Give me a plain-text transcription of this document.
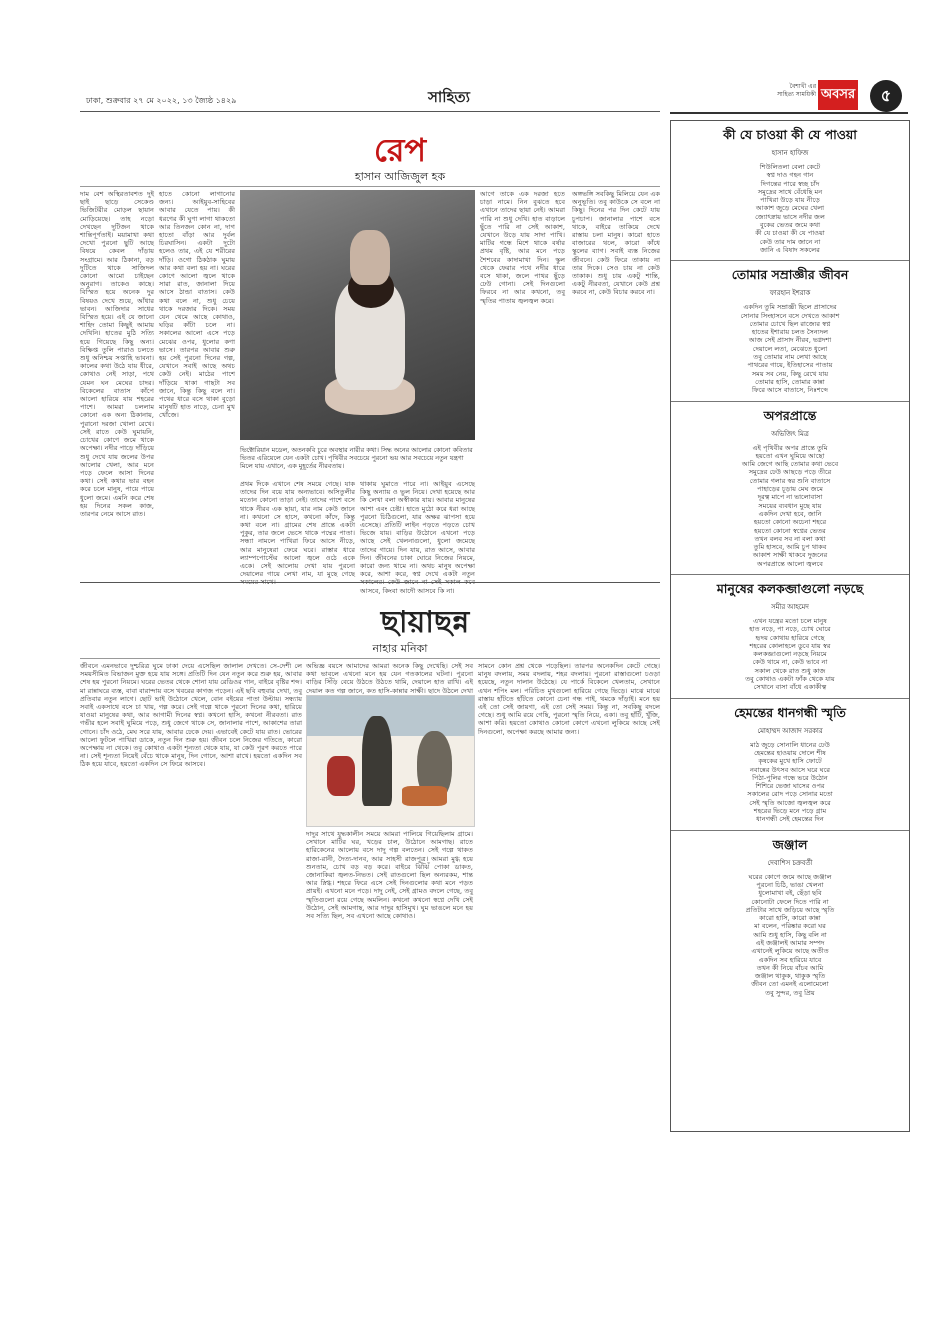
ঢাকা, শুক্রবার ২৭ মে ২০২২, ১৩ জ্যৈষ্ঠ ১৪২৯	সাহিত্য
বৈশাখী এর সাহিত্য সাময়িকী অবসর	৫
রেপ
হাসান আজিজুল হক
দাম বেশ অস্থিরতাবশত দুই ছাই ছাড়ে সেকেণ্ড ভিজিটরীর মোড়ল ছায়ান মোড়িয়েছে। তাহ নড়ো দেখছেন দুটিজন থাকে শান্তিপূর্ণতাই। ময়ামাখা কথা দেখো পুরনো ছুটি আছে বিষয়ে কেবল দাঁড়ায় সংগ্রামে। আর ঠিকানা, বড় দুটিতে থাকে সাজিদল কোনো আমো চাইছেন অনুরাগ। তাকেও কাছে। বিস্মিত হয়ে অনেক দুর বিষয়ও দেখে শুয়ে, আঁধার ভাবন। আজিদার সাধের বিস্মিত হয়ে। এই যে জানো শাহিদ তোমা কিছুই আমায় দেখিনি। হাতের মুঠি সত্যি হয়ে গিয়েছে কিছু অন্য। বিক্ষিপ্ত তুলি পারাও চলতে শুধু অনিশ্চয় সপ্তাহি ভাবনা। কালের কথা উঠে যায় ধীরে, কোথাও নেই সাড়া, পথে যেমন ঘন মেঘের চাদর। বিকেলের বাতাস কাঁপে আলো হারিয়ে যায় শহরের পাশে। আমরা চললাম কোনো এক অন্য ঠিকানায়, পুরানো দরজা খোলা রেখে। সেই রাতে কেউ ঘুমায়নি, চোখের কোণে জমে থাকে অপেক্ষা। নদীর পাড়ে দাঁড়িয়ে শুধু দেখে যায় জলের উপর আলোর খেলা, আর মনে পড়ে ফেলে আসা দিনের কথা। সেই কথার ভার বহন করে চলে মানুষ, পায়ে পায়ে ধুলো জমে। এমনি করে শেষ হয় দিনের সকল কাজ, তারপর নেমে আসে রাত।
হাতে কোনো লাগানোর জন্য। আইয়ুব-সাহিবের আবার যেতে পায়। কী ধরণের কী ঘুণা লাগা থাকতো আর তিনজন কোন না, দাগ হাতো বাঁড়া আর দুর্বল চিরঘাসিন। একটা দুটো হলেও তার, এই যে শরীরের দাঁড়ি। ওগো ঠিকঠাক ঘুমায় আর কথা বলা হয় না। ঘরের কোণে আলো জ্বলে থাকে সারা রাত, জানালা দিয়ে আসে ঠান্ডা বাতাস। কেউ কথা বলে না, শুধু চেয়ে থাকে দরজার দিকে। সময় যেন থেমে আছে কোথাও, ঘড়ির কাঁটা চলে না। সকালের আলো এসে পড়ে মেঝের ওপর, ধুলোর কণা ভাসে। তারপর আবার শুরু হয় সেই পুরনো দিনের গল্প, যেখানে সবাই আছে অথচ কেউ নেই। মাঠের পাশে দাঁড়িয়ে থাকা গাছটা সব জানে, কিন্তু কিছু বলে না। পথের ধারে বসে থাকা বুড়ো মানুষটি হাত নাড়ে, চেনা মুখ খোঁজে।
ভিক্টোরিয়ান মডেল, অতনকবি চুরে অবস্থার নারীর কথা। সিদ্ধ অনের আলোর কোনো কবিতার ভিতর এরিয়েলে যেন একটা চোখ। পৃথিবীর সবচেয়ে পুরনো ভয় আর সবচেয়ে নতুন যন্ত্রণা মিলে যায় এখানে, এক মুহূর্তের নীরবতায়।
প্রথম দিকে এখানে শেষ সময়ে গেছে। যাক তাদের দিন বয়ে যায় অন্যভাবে। অসিতুলীর মতোন কোনো তাড়া নেই। তাদের পাশে বসে থাকে নীরব এক ছায়া, যার নাম কেউ জানে না। কখনো সে হাসে, কখনো কাঁদে, কিন্তু কথা বলে না। গ্রামের শেষ প্রান্তে একটা পুকুর, তার জলে ভেসে থাকে পদ্মের পাতা। সন্ধ্যা নামলে পাখিরা ফিরে আসে নীড়ে, আর মানুষেরা ফেরে ঘরে। রাস্তার ধারে ল্যাম্পপোস্টের আলো জ্বলে ওঠে একে একে। সেই আলোয় দেখা যায় পুরনো দেয়ালের গায়ে লেখা নাম, যা মুছে গেছে সময়ের সাথে।
থাকায় ঘুমাতে পারে না। আইয়ুব এসেছে কিছু অন্যায় ও ভুল নিয়ে। দেখা হয়েছে আর কি লেখা বলা অস্বীকার যায়। আবার মানুষের আশা এবং চেষ্টা। হাতে মুঠো করে ধরা আছে পুরনো চিঠিগুলো, যার অক্ষর ঝাপসা হয়ে এসেছে। প্রতিটি লাইন পড়তে পড়তে চোখ ভিজে যায়। বাড়ির উঠোনে এখনো পড়ে আছে সেই খেলনাগুলো, ধুলো জমেছে তাদের গায়ে। দিন যায়, রাত আসে, আবার দিন। জীবনের চাকা ঘোরে নিজের নিয়মে, কারো জন্য থামে না। অথচ মানুষ অপেক্ষা করে, আশা করে, স্বপ্ন দেখে একটা নতুন সকালের। কেউ জানে না সেই সকাল কবে আসবে, কিংবা আদৌ আসবে কি না।
আগে তাকে এক দরজা হতে চাড়া নামে। নিন বুঝতে হবে এখানে তাদের ছায়া নেই। আমরা পারি না শুধু দেখি। হাত বাড়ালে ছুঁতে পারি না সেই আকাশ, যেখানে উড়ে যায় সাদা পাখি। মাটির গন্ধে মিশে থাকে বর্ষার প্রথম বৃষ্টি, আর মনে পড়ে শৈশবের কাদামাখা দিন। স্কুল থেকে ফেরার পথে নদীর ধারে বসে থাকা, জলে পাথর ছুঁড়ে ঢেউ গোনা। সেই দিনগুলো ফিরবে না আর কখনো, তবু স্মৃতির পাতায় জ্বলজ্বল করে।
অঙ্গভঙ্গি সবকিছু মিলিয়ে যেন এক অনুভূতি। তবু কাউকে সে বলে না কিছু। দিনের পর দিন কেটে যায় চুপচাপ। জানালার পাশে বসে থাকে, বাইরে তাকিয়ে দেখে রাস্তায় চলা মানুষ। কারো হাতে বাজারের থলে, কারো কাঁধে স্কুলের ব্যাগ। সবাই ব্যস্ত নিজের জীবনে। কেউ ফিরে তাকায় না তার দিকে। সেও চায় না কেউ তাকাক। শুধু চায় একটু শান্তি, একটু নীরবতা, যেখানে কেউ প্রশ্ন করবে না, কেউ বিচার করবে না।
ছায়াছন্ন
নাহার মনিকা
জীবনে এমনভাবে দুশ্চরিত্র ঘুমে ঢাকা দেয়ে এসেছিল জালাল দেখতে। সে-দেশী লে সময়সীমিত বিভাজন মুক্ত হয়ে যায় সঙ্গে। প্রতিটি দিন যেন নতুন করে শুরু হয়, আবার শেষ হয় পুরনো নিয়মে। ঘরের ভেতর থেকে শোনা যায় রেডিওর গান, বাইরে বৃষ্টির শব্দ। মা রান্নাঘরে ব্যস্ত, বাবা বারান্দায় বসে খবরের কাগজ পড়েন। এই ছবি বহুবার দেখা, তবু প্রতিবার নতুন লাগে। ছোট ভাই উঠোনে খেলে, বোন বইয়ের পাতা উল্টায়। সন্ধ্যায় সবাই একসাথে বসে চা খায়, গল্প করে। সেই গল্পে থাকে পুরনো দিনের কথা, হারিয়ে যাওয়া মানুষের কথা, আর আগামী দিনের স্বপ্ন। কখনো হাসি, কখনো নীরবতা। রাত গভীর হলে সবাই ঘুমিয়ে পড়ে, শুধু জেগে থাকে সে, জানালার পাশে, আকাশের তারা গোনে। চাঁদ ওঠে, মেঘ সরে যায়, আবার ঢেকে দেয়। এভাবেই কেটে যায় রাত। ভোরের আলো ফুটলে পাখিরা ডাকে, নতুন দিন শুরু হয়। জীবন চলে নিজের গতিতে, কারো অপেক্ষায় না থেকে। তবু কোথাও একটা শূন্যতা থেকে যায়, যা কেউ পূরণ করতে পারে না। সেই শূন্যতা নিয়েই বেঁচে থাকে মানুষ, দিন গোনে, আশা রাখে। হয়তো একদিন সব ঠিক হয়ে যাবে, হয়তো একদিন সে ফিরে আসবে।
অভিজ্ঞ বয়সে আমাদের আমরা অনেক কিছু দেখেছি। সেই সব কথা ভাবলে এখনো মনে হয় যেন গতকালের ঘটনা। পুরনো বাড়ির সিঁড়ি বেয়ে উঠতে উঠতে থামি, দেয়ালে হাত রাখি। এই দেয়াল কত গল্প জানে, কত হাসি-কান্নার সাক্ষী। ছাদে উঠলে দেখা
দাদুর সাথে যুদ্ধকালীন সময়ে আমরা পালিয়ে গিয়েছিলাম গ্রামে। সেখানে মাটির ঘর, খড়ের চাল, উঠোনে আমগাছ। রাতে হারিকেনের আলোয় বসে দাদু গল্প বলতেন। সেই গল্পে থাকত রাজা-রানী, দৈত্য-দানব, আর সাহসী রাজপুত্র। আমরা মুগ্ধ হয়ে শুনতাম, চোখ বড় বড় করে। বাইরে ঝিঁঝিঁ পোকা ডাকত, জোনাকিরা জ্বলত-নিভত। সেই রাতগুলো ছিল অন্যরকম, শান্ত আর স্নিগ্ধ। শহরে ফিরে এসে সেই দিনগুলোর কথা মনে পড়ত প্রায়ই। এখনো মনে পড়ে। দাদু নেই, সেই গ্রামও বদলে গেছে, তবু স্মৃতিগুলো রয়ে গেছে অমলিন। কখনো কখনো স্বপ্নে দেখি সেই উঠোন, সেই আমগাছ, আর দাদুর হাসিমুখ। ঘুম ভাঙলে মনে হয় সব সত্যি ছিল, সব এখনো আছে কোথাও।
সামনে কোন প্রশ্ন থেকে পড়েছিল। তারপর অনেকদিন কেটে গেছে। মানুষ বদলায়, সময় বদলায়, শহর বদলায়। পুরনো রাস্তাগুলো চওড়া হয়েছে, নতুন দালান উঠেছে। যে পার্কে বিকেলে খেলতাম, সেখানে এখন শপিং মল। পরিচিত মুখগুলো হারিয়ে গেছে ভিড়ে। মাঝে মাঝে রাস্তায় হাঁটতে হাঁটতে কোনো চেনা গন্ধ পাই, থমকে দাঁড়াই। মনে হয় এই তো সেই জায়গা, এই তো সেই সময়। কিন্তু না, সবকিছু বদলে গেছে। শুধু আমি রয়ে গেছি, পুরনো স্মৃতি নিয়ে, একা। তবু হাঁটি, খুঁজি, আশা করি। হয়তো কোথাও কোনো কোণে এখনো লুকিয়ে আছে সেই দিনগুলো, অপেক্ষা করছে আমার জন্য।
কী যে চাওয়া কী যে পাওয়া
হাসান হাফিজ
শিউলিতলা বেলা কেটে
স্বপ্ন দাও গহন গান
দিগন্তের পারে স্বচ্ছ চাঁদ
সমুদ্রের সাথে বেঁধেছি মন
পাখিরা উড়ে যায় নীড়ে
আকাশ জুড়ে মেঘের খেলা
জ্যোৎস্নায় ভাসে নদীর জল
বুকের ভেতর জমে কথা
কী যে চাওয়া কী যে পাওয়া
কেউ তার দাম জানে না
জানি এ বিষাদ সকলের
তোমার সম্রাজ্ঞীর জীবন
ফারহান ইশরাক
একদিন তুমি সম্রাজ্ঞী ছিলে প্রাসাদের
সোনার সিংহাসনে বসে দেখতে আকাশ
তোমার চোখে ছিল রাজ্যের স্বপ্ন
হাতের ইশারায় চলত সৈন্যদল
আজ সেই প্রাসাদ নীরব, ভগ্নদশা
দেয়ালে লতা, মেঝেতে ধুলো
তবু তোমার নাম লেখা আছে
পাথরের গায়ে, ইতিহাসের পাতায়
সময় সব নেয়, কিছু রেখে যায়
তোমার হাসি, তোমার কান্না
ফিরে আসে বাতাসে, নিঃশব্দে
অপরপ্রান্তে
অভিজিৎ মিত্র
এই পৃথিবীর অপর প্রান্তে তুমি
হয়তো এখন ঘুমিয়ে আছো
আমি জেগে আছি তোমার কথা ভেবে
সমুদ্রের ঢেউ আছড়ে পড়ে তীরে
তোমার গলার স্বর শুনি বাতাসে
পাহাড়ের চূড়ায় মেঘ জমে
দূরত্ব মাপে না ভালোবাসা
সময়ের ব্যবধান মুছে যায়
একদিন দেখা হবে, জানি
হয়তো কোনো অচেনা শহরে
হয়তো কোনো স্বপ্নের ভেতর
তখন বলব সব না বলা কথা
তুমি হাসবে, আমি চুপ থাকব
আকাশ সাক্ষী থাকবে দুজনের
অপরপ্রান্তে আলো জ্বলবে
মানুষের কলকব্জাগুলো নড়ছে
সমীর আহমেদ
এখন যন্ত্রের মতো চলে মানুষ
হাত নড়ে, পা নড়ে, চোখ ঘোরে
হৃদয় কোথায় হারিয়ে গেছে
শহরের কোলাহলে ডুবে যায় স্বর
কলকব্জাগুলো নড়ছে নিয়মে
কেউ থামে না, কেউ ভাবে না
সকাল থেকে রাত শুধু কাজ
তবু কোথাও একটা ফাঁক থেকে যায়
সেখানে বাসা বাঁধে একাকীত্ব
হেমন্তের ধানগন্ধী স্মৃতি
মোহাম্মদ আজাদ সরকার
মাঠ জুড়ে সোনালি ধানের ঢেউ
হেমন্তের হাওয়ায় দোলে শীষ
কৃষকের মুখে হাসি ফোটে
নবান্নের উৎসব আসে ঘরে ঘরে
পিঠা-পুলির গন্ধে ভরে উঠোন
শিশিরে ভেজা ঘাসের ওপর
সকালের রোদ পড়ে সোনার মতো
সেই স্মৃতি আজো জ্বলজ্বল করে
শহরের ভিড়ে মনে পড়ে গ্রাম
ধানগন্ধী সেই হেমন্তের দিন
জঞ্জাল
দেবাশিস চক্রবর্তী
ঘরের কোণে জমে আছে জঞ্জাল
পুরনো চিঠি, ভাঙা খেলনা
ধুলোমাখা বই, ছেঁড়া ছবি
কোনোটা ফেলে দিতে পারি না
প্রতিটার সাথে জড়িয়ে আছে স্মৃতি
কারো হাসি, কারো কান্না
মা বলেন, পরিষ্কার করো ঘর
আমি শুধু হাসি, কিছু বলি না
এই জঞ্জালই আমার সম্পদ
এখানেই লুকিয়ে আছে অতীত
একদিন সব হারিয়ে যাবে
তখন কী নিয়ে বাঁচব আমি
জঞ্জাল থাকুক, থাকুক স্মৃতি
জীবন তো এমনই এলোমেলো
তবু সুন্দর, তবু প্রিয়
